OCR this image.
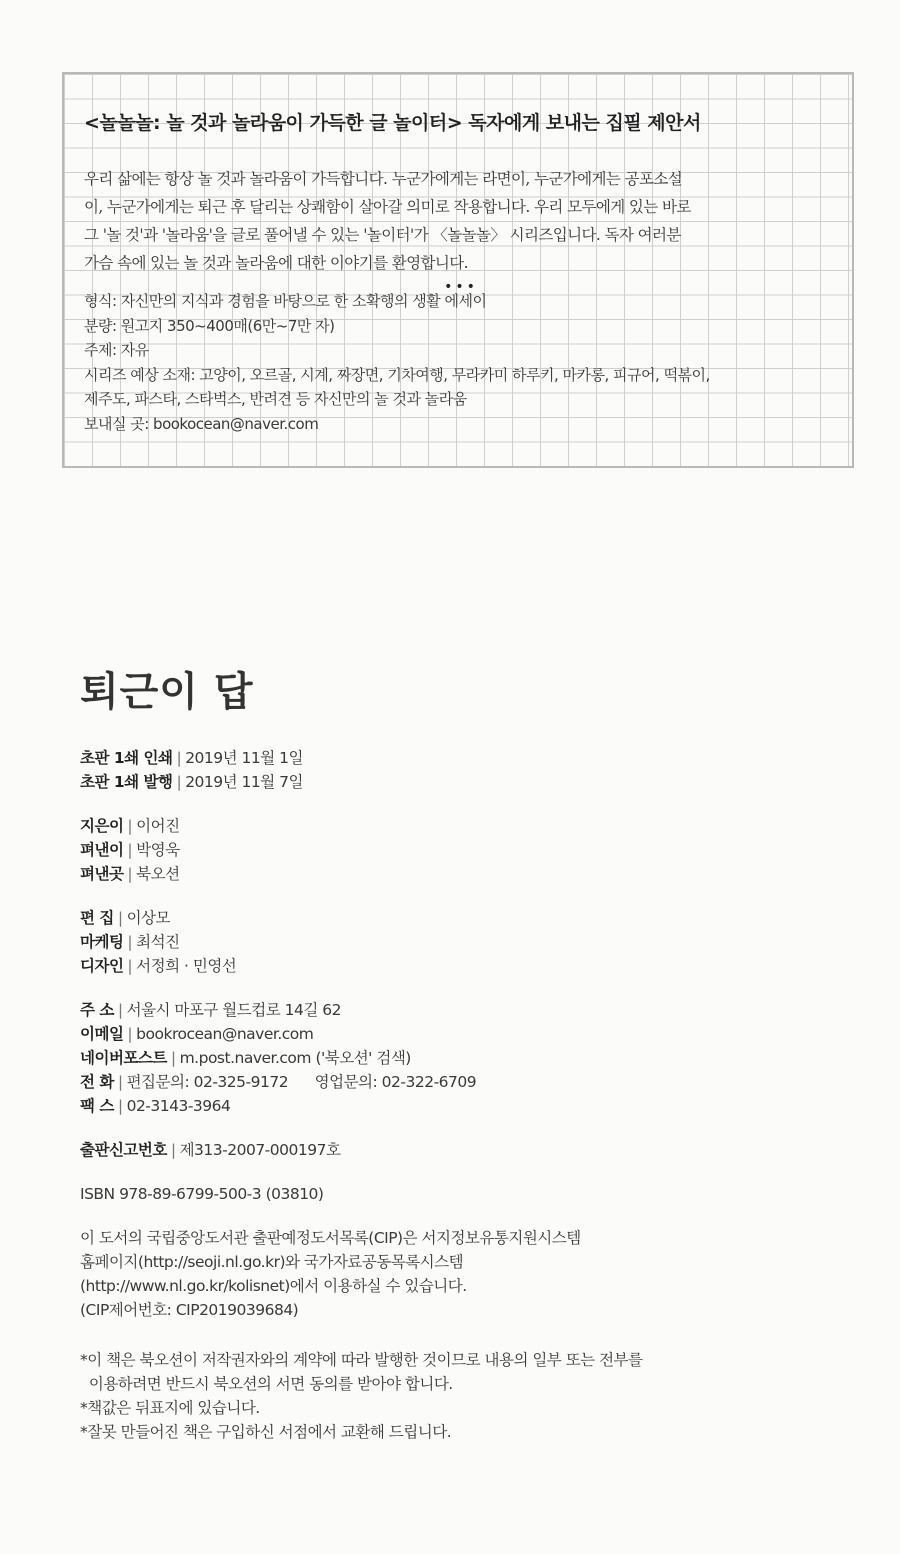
<놀놀놀: 놀 것과 놀라움이 가득한 글 놀이터> 독자에게 보내는 집필 제안서
우리 삶에는 항상 놀 것과 놀라움이 가득합니다. 누군가에게는 라면이, 누군가에게는 공포소설
이, 누군가에게는 퇴근 후 달리는 상쾌함이 살아갈 의미로 작용합니다. 우리 모두에게 있는 바로
그 '놀 것'과 '놀라움'을 글로 풀어낼 수 있는 '놀이터'가 〈놀놀놀〉 시리즈입니다. 독자 여러분
가슴 속에 있는 놀 것과 놀라움에 대한 이야기를 환영합니다.
•••
형식: 자신만의 지식과 경험을 바탕으로 한 소확행의 생활 에세이
분량: 원고지 350~400매(6만~7만 자)
주제: 자유
시리즈 예상 소재: 고양이, 오르골, 시계, 짜장면, 기차여행, 무라카미 하루키, 마카롱, 피규어, 떡볶이,
제주도, 파스타, 스타벅스, 반려견 등 자신만의 놀 것과 놀라움
보내실 곳: bookocean@naver.com
퇴근이 답
초판 1쇄 인쇄 | 2019년 11월 1일
초판 1쇄 발행 | 2019년 11월 7일
지은이 | 이어진
펴낸이 | 박영욱
펴낸곳 | 북오션
편 집 | 이상모
마케팅 | 최석진
디자인 | 서정희 · 민영선
주 소 | 서울시 마포구 월드컵로 14길 62
이메일 | bookrocean@naver.com
네이버포스트 | m.post.naver.com ('북오션' 검색)
전 화 | 편집문의: 02-325-9172      영업문의: 02-322-6709
팩 스 | 02-3143-3964
출판신고번호 | 제313-2007-000197호
ISBN 978-89-6799-500-3 (03810)
이 도서의 국립중앙도서관 출판예정도서목록(CIP)은 서지정보유통지원시스템
홈페이지(http://seoji.nl.go.kr)와 국가자료공동목록시스템
(http://www.nl.go.kr/kolisnet)에서 이용하실 수 있습니다.
(CIP제어번호: CIP2019039684)
*이 책은 북오션이 저작권자와의 계약에 따라 발행한 것이므로 내용의 일부 또는 전부를
이용하려면 반드시 북오션의 서면 동의를 받아야 합니다.
*책값은 뒤표지에 있습니다.
*잘못 만들어진 책은 구입하신 서점에서 교환해 드립니다.
